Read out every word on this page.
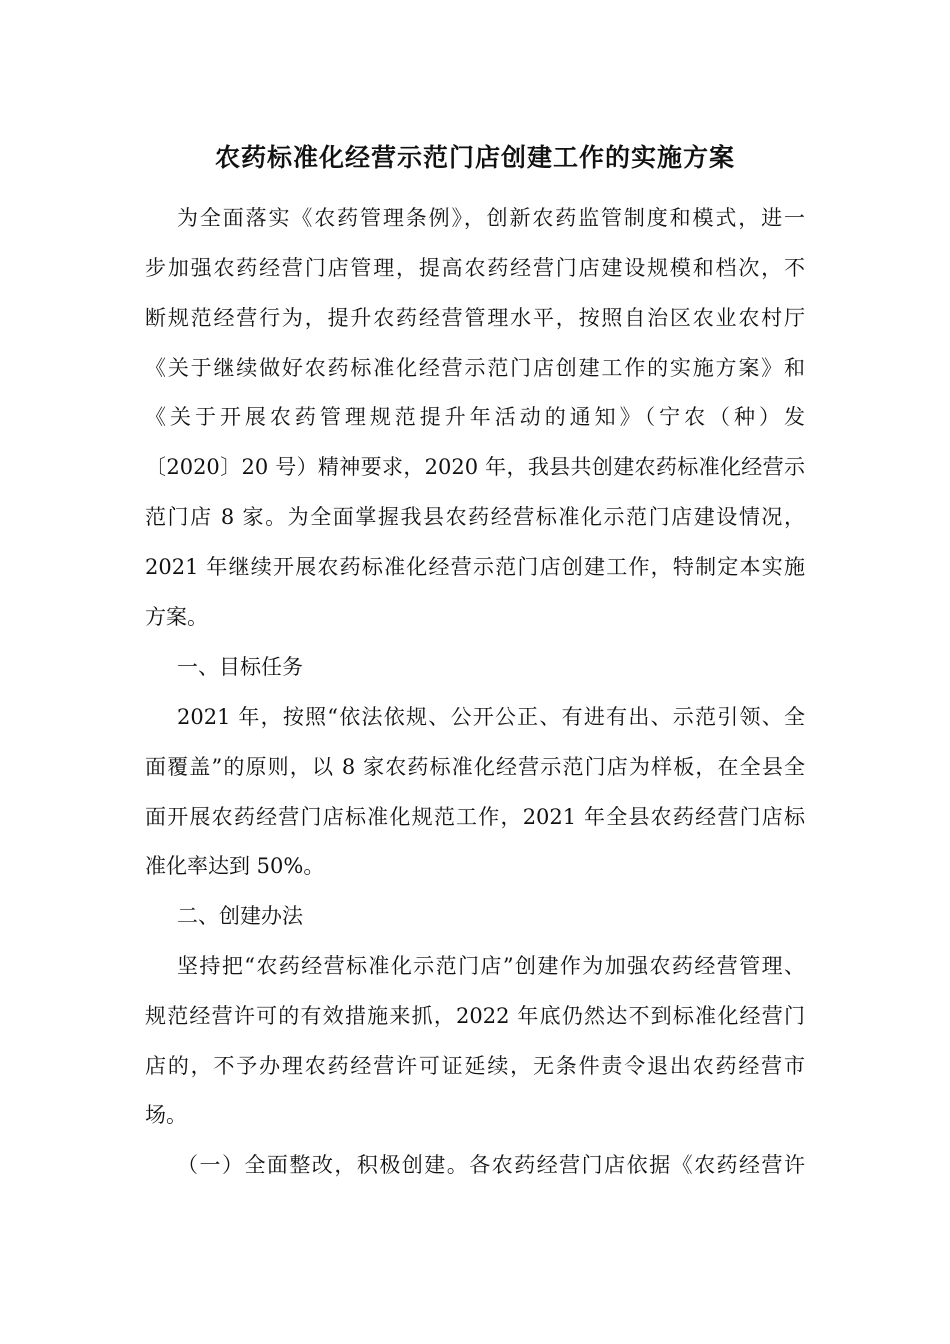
农药标准化经营示范门店创建工作的实施方案
为全面落实《农药管理条例》，创新农药监管制度和模式，进一
步加强农药经营门店管理，提高农药经营门店建设规模和档次，不
断规范经营行为，提升农药经营管理水平，按照自治区农业农村厅
《关于继续做好农药标准化经营示范门店创建工作的实施方案》和
《关于开展农药管理规范提升年活动的通知》（宁农（种）发
〔2020〕20 号）精神要求，2020 年，我县共创建农药标准化经营示
范门店 8 家。为全面掌握我县农药经营标准化示范门店建设情况，
2021 年继续开展农药标准化经营示范门店创建工作，特制定本实施
方案。
一、目标任务
2021 年，按照“依法依规、公开公正、有进有出、示范引领、全
面覆盖”的原则，以 8 家农药标准化经营示范门店为样板，在全县全
面开展农药经营门店标准化规范工作，2021 年全县农药经营门店标
准化率达到 50%。
二、创建办法
坚持把“农药经营标准化示范门店”创建作为加强农药经营管理、
规范经营许可的有效措施来抓，2022 年底仍然达不到标准化经营门
店的，不予办理农药经营许可证延续，无条件责令退出农药经营市
场。
（一）全面整改，积极创建。各农药经营门店依据《农药经营许
